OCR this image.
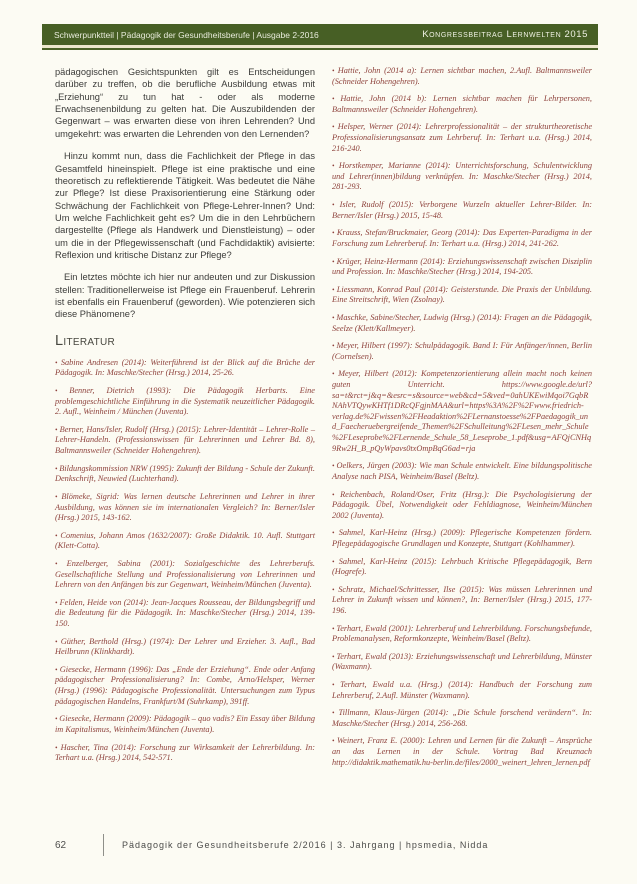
Schwerpunktteil | Pädagogik der Gesundheitsberufe | Ausgabe 2-2016	Kongressbeitrag Lernwelten 2015

pädagogischen Gesichtspunkten gilt es Entscheidungen darüber zu treffen, ob die berufliche Ausbildung etwas mit „Erziehung“ zu tun hat - oder als moderne Erwachsenenbildung zu gelten hat. Die Auszubildenden der Gegenwart – was erwarten diese von ihren Lehrenden? Und umgekehrt: was erwarten die Lehrenden von den Lernenden?

Hinzu kommt nun, dass die Fachlichkeit der Pflege in das Gesamtfeld hineinspielt. Pflege ist eine praktische und eine theoretisch zu reflektierende Tätigkeit. Was bedeutet die Nähe zur Pflege? Ist diese Praxisorientierung eine Stärkung oder Schwächung der Fachlichkeit von Pflege-Lehrer-Innen? Und: Um welche Fachlichkeit geht es? Um die in den Lehrbüchern dargestellte (Pflege als Handwerk und Dienstleistung) – oder um die in der Pflegewissenschaft (und Fachdidaktik) avisierte: Reflexion und kritische Distanz zur Pflege?

Ein letztes möchte ich hier nur andeuten und zur Diskussion stellen: Traditionellerweise ist Pflege ein Frauenberuf. Lehrerin ist ebenfalls ein Frauenberuf (geworden). Wie potenzieren sich diese Phänomene?

Literatur

• Sabine Andresen (2014): Weiterführend ist der Blick auf die Brüche der Pädagogik. In: Maschke/Stecher (Hrsg.) 2014, 25-26.

• Benner, Dietrich (1993): Die Pädagogik Herbarts. Eine problemgeschichtliche Einführung in die Systematik neuzeitlicher Pädagogik. 2. Aufl., Weinheim / München (Juventa).

• Berner, Hans/Isler, Rudolf (Hrsg.) (2015): Lehrer-Identität – Lehrer-Rolle – Lehrer-Handeln. (Professionswissen für Lehrerinnen und Lehrer Bd. 8), Baltmannsweiler (Schneider Hohengehren).

• Bildungskommission NRW (1995): Zukunft der Bildung - Schule der Zukunft. Denkschrift, Neuwied (Luchterhand).

• Blömeke, Sigrid: Was lernen deutsche Lehrerinnen und Lehrer in ihrer Ausbildung, was können sie im internationalen Vergleich? In: Berner/Isler (Hrsg.) 2015, 143-162.

• Comenius, Johann Amos (1632/2007): Große Didaktik. 10. Aufl. Stuttgart (Klett-Cotta).

• Enzelberger, Sabina (2001): Sozialgeschichte des Lehrerberufs. Gesellschaftliche Stellung und Professionalisierung von Lehrerinnen und Lehrern von den Anfängen bis zur Gegenwart, Weinheim/München (Juventa).

• Felden, Heide von (2014): Jean-Jacques Rousseau, der Bildungsbegriff und die Bedeutung für die Pädagogik. In: Maschke/Stecher (Hrsg.) 2014, 139-150.

• Güther, Berthold (Hrsg.) (1974): Der Lehrer und Erzieher. 3. Aufl., Bad Heilbrunn (Klinkhardt).

• Giesecke, Hermann (1996): Das „Ende der Erziehung“. Ende oder Anfang pädagogischer Professionalisierung? In: Combe, Arno/Helsper, Werner (Hrsg.) (1996): Pädagogische Professionalität. Untersuchungen zum Typus pädagogischen Handelns, Frankfurt/M (Suhrkamp), 391ff.

• Giesecke, Hermann (2009): Pädagogik – quo vadis? Ein Essay über Bildung im Kapitalismus, Weinheim/München (Juventa).

• Hascher, Tina (2014): Forschung zur Wirksamkeit der Lehrerbildung. In: Terhart u.a. (Hrsg.) 2014, 542-571.

• Hattie, John (2014 a): Lernen sichtbar machen, 2.Aufl. Baltmannsweiler (Schneider Hohengehren).

• Hattie, John (2014 b): Lernen sichtbar machen für Lehrpersonen, Baltmannsweiler (Schneider Hohengehren).

• Helsper, Werner (2014): Lehrerprofessionalität – der strukturtheoretische Professionalisierungsansatz zum Lehrberuf. In: Terhart u.a. (Hrsg.) 2014, 216-240.

• Horstkemper, Marianne (2014): Unterrichtsforschung, Schulentwicklung und Lehrer(innen)bildung verknüpfen. In: Maschke/Stecher (Hrsg.) 2014, 281-293.

• Isler, Rudolf (2015): Verborgene Wurzeln aktueller Lehrer-Bilder. In: Berner/Isler (Hrsg.) 2015, 15-48.

• Krauss, Stefan/Bruckmaier, Georg (2014): Das Experten-Paradigma in der Forschung zum Lehrerberuf. In: Terhart u.a. (Hrsg.) 2014, 241-262.

• Krüger, Heinz-Hermann (2014): Erziehungswissenschaft zwischen Disziplin und Profession. In: Maschke/Stecher (Hrsg.) 2014, 194-205.

• Liessmann, Konrad Paul (2014): Geisterstunde. Die Praxis der Unbildung. Eine Streitschrift, Wien (Zsolnay).

• Maschke, Sabine/Stecher, Ludwig (Hrsg.) (2014): Fragen an die Pädagogik, Seelze (Klett/Kallmeyer).

• Meyer, Hilbert (1997): Schulpädagogik. Band I: Für Anfänger/innen, Berlin (Cornelsen).

• Meyer, Hilbert (2012): Kompetenzorientierung allein macht noch keinen guten Unterricht. https://www.google.de/url?sa=t&rct=j&q=&esrc=s&source=web&cd=5&ved=0ahUKEwiMqoi7GqbRNAhVTQywKHTf1DRcQFgjnMAA&url=https%3A%2F%2Fwww.friedrich-verlag.de%2Fwissen%2FHeadaktion%2FLernanstoesse%2FPaedagogik_und_Faecheruebergreifende_Themen%2FSchulleitung%2FLesen_mehr_Schule%2FLeseprobe%2FLernende_Schule_58_Leseprobe_1.pdf&usg=AFQjCNHq9Rw2H_B_pQyWpavs0txOmpBqG6ad=rja

• Oelkers, Jürgen (2003): Wie man Schule entwickelt. Eine bildungspolitische Analyse nach PISA, Weinheim/Basel (Beltz).

• Reichenbach, Roland/Oser, Fritz (Hrsg.): Die Psychologisierung der Pädagogik. Übel, Notwendigkeit oder Fehldiagnose, Weinheim/München 2002 (Juventa).

• Sahmel, Karl-Heinz (Hrsg.) (2009): Pflegerische Kompetenzen fördern. Pflegepädagogische Grundlagen und Konzepte, Stuttgart (Kohlhammer).

• Sahmel, Karl-Heinz (2015): Lehrbuch Kritische Pflegepädagogik, Bern (Hogrefe).

• Schratz, Michael/Schrittesser, Ilse (2015): Was müssen Lehrerinnen und Lehrer in Zukunft wissen und können?, In: Berner/Isler (Hrsg.) 2015, 177-196.

• Terhart, Ewald (2001): Lehrerberuf und Lehrerbildung. Forschungsbefunde, Problemanalysen, Reformkonzepte, Weinheim/Basel (Beltz).

• Terhart, Ewald (2013): Erziehungswissenschaft und Lehrerbildung, Münster (Waxmann).

• Terhart, Ewald u.a. (Hrsg.) (2014): Handbuch der Forschung zum Lehrerberuf, 2.Aufl. Münster (Waxmann).

• Tillmann, Klaus-Jürgen (2014): „Die Schule forschend verändern“. In: Maschke/Stecher (Hrsg.) 2014, 256-268.

• Weinert, Franz E. (2000): Lehren und Lernen für die Zukunft – Ansprüche an das Lernen in der Schule. Vortrag Bad Kreuznach http://didaktik.mathematik.hu-berlin.de/files/2000_weinert_lehren_lernen.pdf

62	Pädagogik der Gesundheitsberufe 2/2016 | 3. Jahrgang | hpsmedia, Nidda
